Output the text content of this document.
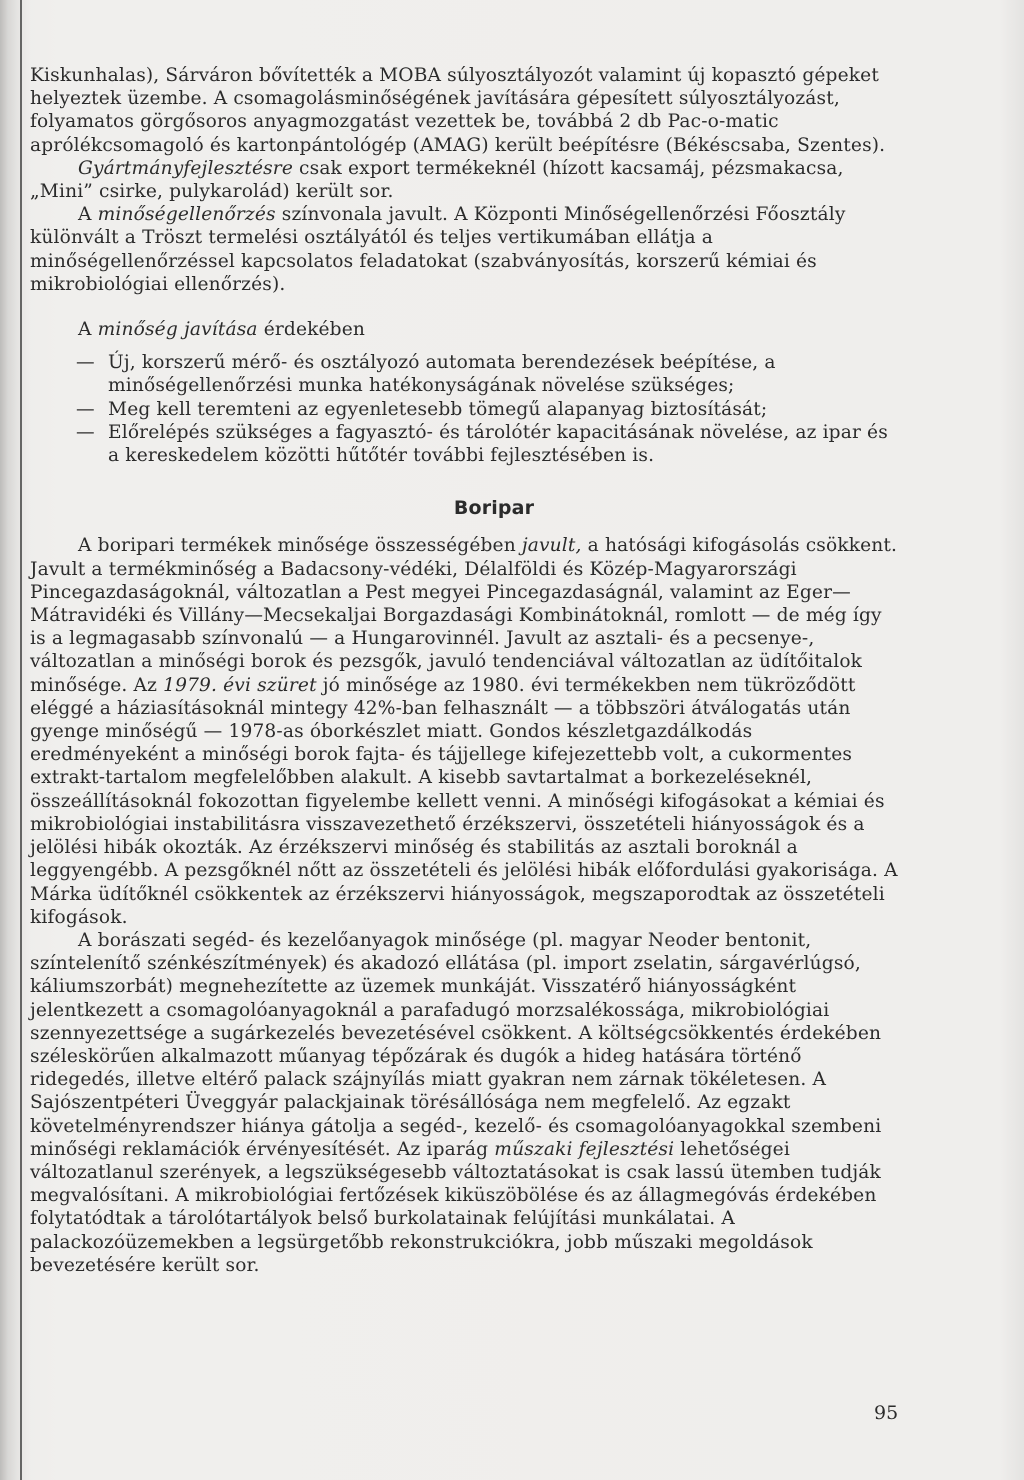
Kiskunhalas), Sárváron bővítették a MOBA súlyosztályozót valamint új kopasztó gépeket helyeztek üzembe. A csomagolásminőségének javítására gépesített súlyosztályozást, folyamatos görgősoros anyagmozgatást vezettek be, továbbá 2 db Pac-o-matic aprólékcsomagoló és kartonpántológép (AMAG) került beépítésre (Békéscsaba, Szentes).

Gyártmányfejlesztésre csak export termékeknél (hízott kacsamáj, pézsmakacsa, „Mini” csirke, pulykarolád) került sor.

A minőségellenőrzés színvonala javult. A Központi Minőségellenőrzési Főosztály különvált a Tröszt termelési osztályától és teljes vertikumában ellátja a minőségellenőrzéssel kapcsolatos feladatokat (szabványosítás, korszerű kémiai és mikrobiológiai ellenőrzés).

A minőség javítása érdekében

— Új, korszerű mérő- és osztályozó automata berendezések beépítése, a minőségellenőrzési munka hatékonyságának növelése szükséges;
— Meg kell teremteni az egyenletesebb tömegű alapanyag biztosítását;
— Előrelépés szükséges a fagyasztó- és tárolótér kapacitásának növelése, az ipar és a kereskedelem közötti hűtőtér további fejlesztésében is.

Boripar

A boripari termékek minősége összességében javult, a hatósági kifogásolás csökkent. Javult a termékminőség a Badacsony-védéki, Délalföldi és Közép-Magyarországi Pincegazdaságoknál, változatlan a Pest megyei Pincegazdaságnál, valamint az Eger—Mátravidéki és Villány—Mecsekaljai Borgazdasági Kombinátoknál, romlott — de még így is a legmagasabb színvonalú — a Hungarovinnél. Javult az asztali- és a pecsenye-, változatlan a minőségi borok és pezsgők, javuló tendenciával változatlan az üdítőitalok minősége. Az 1979. évi szüret jó minősége az 1980. évi termékekben nem tükröződött eléggé a háziasításoknál mintegy 42%-ban felhasznált — a többszöri átválogatás után gyenge minőségű — 1978-as óborkészlet miatt. Gondos készletgazdálkodás eredményeként a minőségi borok fajta- és tájjellege kifejezettebb volt, a cukormentes extrakt-tartalom megfelelőbben alakult. A kisebb savtartalmat a borkezeléseknél, összeállításoknál fokozottan figyelembe kellett venni. A minőségi kifogásokat a kémiai és mikrobiológiai instabilitásra visszavezethető érzékszervi, összetételi hiányosságok és a jelölési hibák okozták. Az érzékszervi minőség és stabilitás az asztali boroknál a leggyengébb. A pezsgőknél nőtt az összetételi és jelölési hibák előfordulási gyakorisága. A Márka üdítőknél csökkentek az érzékszervi hiányosságok, megszaporodtak az összetételi kifogások.

A borászati segéd- és kezelőanyagok minősége (pl. magyar Neoder bentonit, színtelenítő szénkészítmények) és akadozó ellátása (pl. import zselatin, sárgavérlúgsó, káliumszorbát) megnehezítette az üzemek munkáját. Visszatérő hiányosságként jelentkezett a csomagolóanyagoknál a parafadugó morzsalékossága, mikrobiológiai szennyezettsége a sugárkezelés bevezetésével csökkent. A költségcsökkentés érdekében széleskörűen alkalmazott műanyag tépőzárak és dugók a hideg hatására történő ridegedés, illetve eltérő palack szájnyílás miatt gyakran nem zárnak tökéletesen. A Sajószentpéteri Üveggyár palackjainak törésállósága nem megfelelő. Az egzakt követelményrendszer hiánya gátolja a segéd-, kezelő- és csomagolóanyagokkal szembeni minőségi reklamációk érvényesítését. Az iparág műszaki fejlesztési lehetőségei változatlanul szerények, a legszükségesebb változtatásokat is csak lassú ütemben tudják megvalósítani. A mikrobiológiai fertőzések kiküszöbölése és az állagmegóvás érdekében folytatódtak a tárolótartályok belső burkolatainak felújítási munkálatai. A palackozóüzemekben a legsürgetőbb rekonstrukciókra, jobb műszaki megoldások bevezetésére került sor.

95
